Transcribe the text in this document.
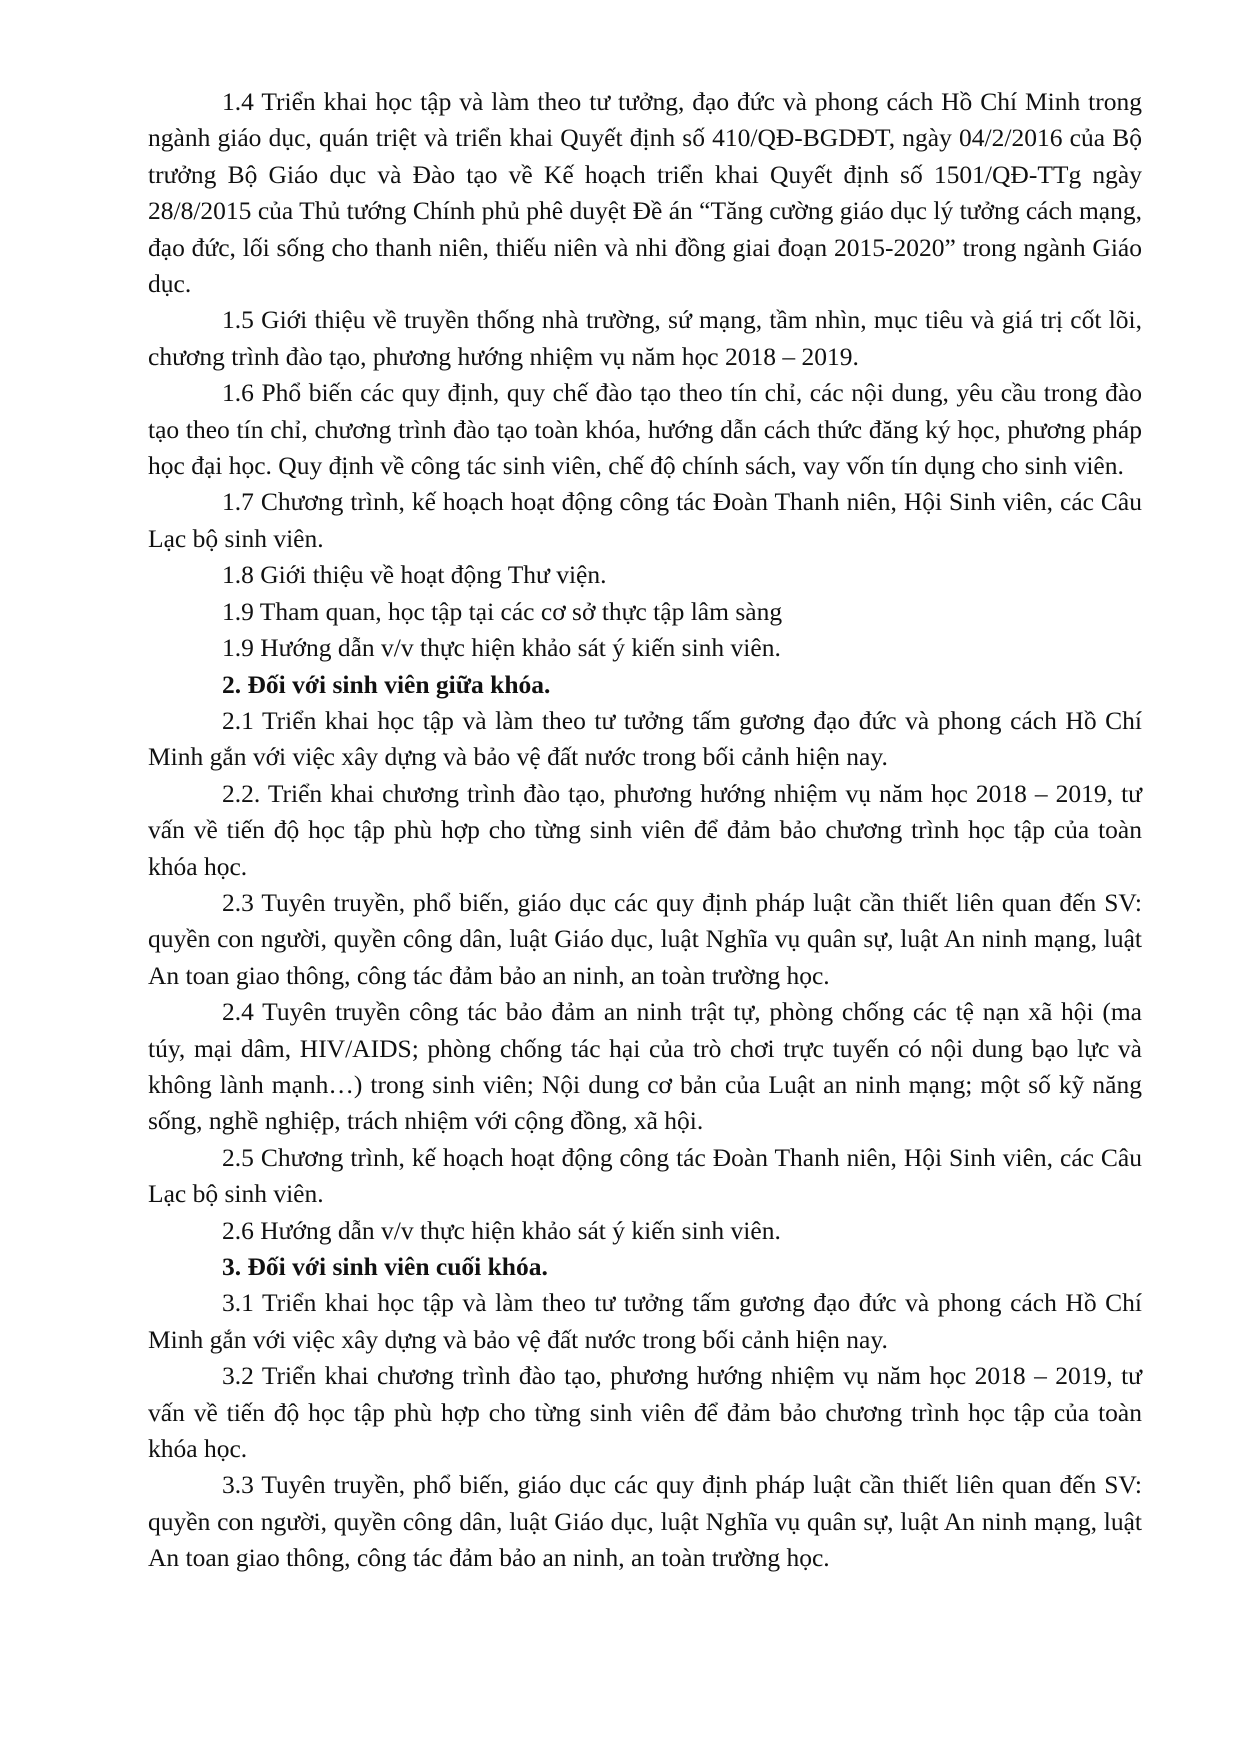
1.4 Triển khai học tập và làm theo tư tưởng, đạo đức và phong cách Hồ Chí Minh trong ngành giáo dục, quán triệt và triển khai Quyết định số 410/QĐ-BGDĐT, ngày 04/2/2016 của Bộ trưởng Bộ Giáo dục và Đào tạo về Kế hoạch triển khai Quyết định số 1501/QĐ-TTg ngày 28/8/2015 của Thủ tướng Chính phủ phê duyệt Đề án “Tăng cường giáo dục lý tưởng cách mạng, đạo đức, lối sống cho thanh niên, thiếu niên và nhi đồng giai đoạn 2015-2020” trong ngành Giáo dục.

1.5 Giới thiệu về truyền thống nhà trường, sứ mạng, tầm nhìn, mục tiêu và giá trị cốt lõi, chương trình đào tạo, phương hướng nhiệm vụ năm học 2018 – 2019.

1.6 Phổ biến các quy định, quy chế đào tạo theo tín chỉ, các nội dung, yêu cầu trong đào tạo theo tín chỉ, chương trình đào tạo toàn khóa, hướng dẫn cách thức đăng ký học, phương pháp học đại học. Quy định về công tác sinh viên, chế độ chính sách, vay vốn tín dụng cho sinh viên.

1.7 Chương trình, kế hoạch hoạt động công tác Đoàn Thanh niên, Hội Sinh viên, các Câu Lạc bộ sinh viên.

1.8 Giới thiệu về hoạt động Thư viện.

1.9 Tham quan, học tập tại các cơ sở thực tập lâm sàng

1.9 Hướng dẫn v/v thực hiện khảo sát ý kiến sinh viên.

2. Đối với sinh viên giữa khóa.

2.1 Triển khai học tập và làm theo tư tưởng tấm gương đạo đức và phong cách Hồ Chí Minh gắn với việc xây dựng và bảo vệ đất nước trong bối cảnh hiện nay.

2.2. Triển khai chương trình đào tạo, phương hướng nhiệm vụ năm học 2018 – 2019, tư vấn về tiến độ học tập phù hợp cho từng sinh viên để đảm bảo chương trình học tập của toàn khóa học.

2.3 Tuyên truyền, phổ biến, giáo dục các quy định pháp luật cần thiết liên quan đến SV: quyền con người, quyền công dân, luật Giáo dục, luật Nghĩa vụ quân sự, luật An ninh mạng, luật An toan giao thông, công tác đảm bảo an ninh, an toàn trường học.

2.4 Tuyên truyền công tác bảo đảm an ninh trật tự, phòng chống các tệ nạn xã hội (ma túy, mại dâm, HIV/AIDS; phòng chống tác hại của trò chơi trực tuyến có nội dung bạo lực và không lành mạnh…) trong sinh viên; Nội dung cơ bản của Luật an ninh mạng; một số kỹ năng sống, nghề nghiệp, trách nhiệm với cộng đồng, xã hội.

2.5 Chương trình, kế hoạch hoạt động công tác Đoàn Thanh niên, Hội Sinh viên, các Câu Lạc bộ sinh viên.

2.6 Hướng dẫn v/v thực hiện khảo sát ý kiến sinh viên.

3. Đối với sinh viên cuối khóa.

3.1 Triển khai học tập và làm theo tư tưởng tấm gương đạo đức và phong cách Hồ Chí Minh gắn với việc xây dựng và bảo vệ đất nước trong bối cảnh hiện nay.

3.2 Triển khai chương trình đào tạo, phương hướng nhiệm vụ năm học 2018 – 2019, tư vấn về tiến độ học tập phù hợp cho từng sinh viên để đảm bảo chương trình học tập của toàn khóa học.

3.3 Tuyên truyền, phổ biến, giáo dục các quy định pháp luật cần thiết liên quan đến SV: quyền con người, quyền công dân, luật Giáo dục, luật Nghĩa vụ quân sự, luật An ninh mạng, luật An toan giao thông, công tác đảm bảo an ninh, an toàn trường học.
